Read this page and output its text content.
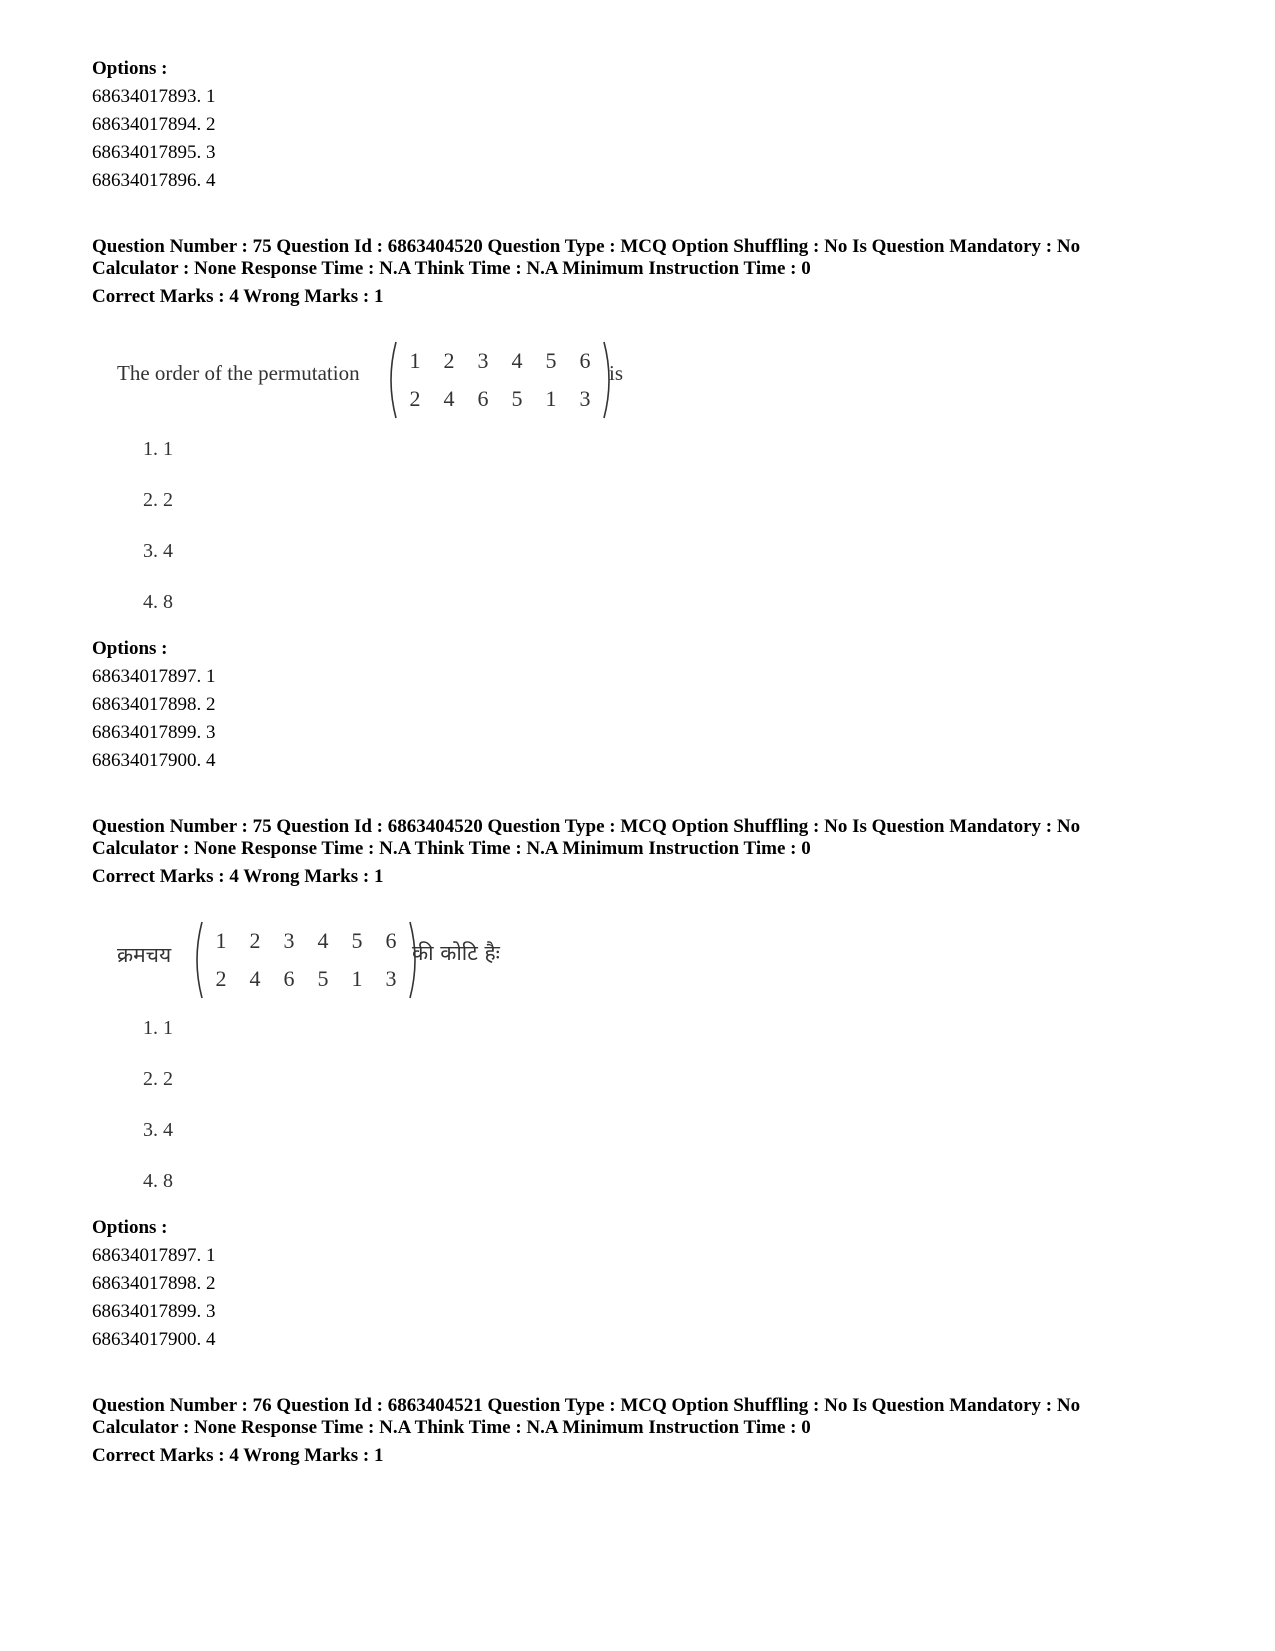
Options :
68634017893. 1
68634017894. 2
68634017895. 3
68634017896. 4
Question Number : 75 Question Id : 6863404520 Question Type : MCQ Option Shuffling : No Is Question Mandatory : No
Calculator : None Response Time : N.A Think Time : N.A Minimum Instruction Time : 0
Correct Marks : 4 Wrong Marks : 1
The order of the permutation 1 2 3 4 5 6
2 4 6 5 1 3
is
1. 1
2. 2
3. 4
4. 8
Options :
68634017897. 1
68634017898. 2
68634017899. 3
68634017900. 4
Question Number : 75 Question Id : 6863404520 Question Type : MCQ Option Shuffling : No Is Question Mandatory : No
Calculator : None Response Time : N.A Think Time : N.A Minimum Instruction Time : 0
Correct Marks : 4 Wrong Marks : 1
क्रमचय
1 2 3 4 5 6
2 4 6 5 1 3
की कोटि हैः
1. 1
2. 2
3. 4
4. 8
Options :
68634017897. 1
68634017898. 2
68634017899. 3
68634017900. 4
Question Number : 76 Question Id : 6863404521 Question Type : MCQ Option Shuffling : No Is Question Mandatory : No
Calculator : None Response Time : N.A Think Time : N.A Minimum Instruction Time : 0
Correct Marks : 4 Wrong Marks : 1
